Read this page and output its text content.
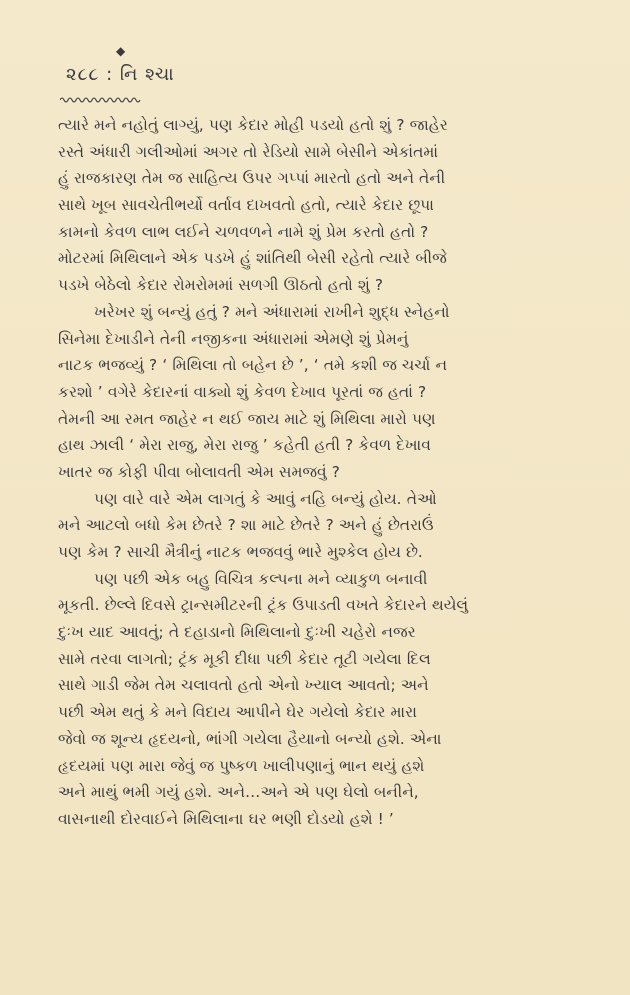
◆
૨૮૮ : નિ શ્ચા
ત્યારે મને નહોતું લાગ્યું, પણ કેદાર મોહી પડયો હતો શું ? જાહેર
રસ્તે અંધારી ગલીઓમાં અગર તો રેડિયો સામે બેસીને એકાંતમાં
હું રાજકારણ તેમ જ સાહિત્ય ઉપર ગપ્પાં મારતો હતો અને તેની
સાથે ખૂબ સાવચેતીભર્યો વર્તાવ દાખવતો હતો, ત્યારે કેદાર છૂપા
કામનો કેવળ લાભ લઈને ચળવળને નામે શું પ્રેમ કરતો હતો ?
મોટરમાં મિથિલાને એક પડખે હું શાંતિથી બેસી રહેતો ત્યારે બીજે
પડખે બેઠેલો કેદાર રોમરોમમાં સળગી ઊઠતો હતો શું ?
ખરેખર શું બન્યું હતું ? મને અંધારામાં રાખીને શુદ્ધ સ્નેહનો
સિનેમા દેખાડીને તેની નજીકના અંધારામાં એમણે શું પ્રેમનું
નાટક ભજવ્યું ? ‘ મિથિલા તો બહેન છે ’, ‘ તમે કશી જ ચર્ચા ન
કરશો ’ વગેરે કેદારનાં વાક્યો શું કેવળ દેખાવ પૂરતાં જ હતાં ?
તેમની આ રમત જાહેર ન થઈ જાય માટે શું મિથિલા મારો પણ
હાથ ઝાલી ‘ મેરા રાજુ, મેરા રાજુ ’ કહેતી હતી ? કેવળ દેખાવ
ખાતર જ કોફી પીવા બોલાવતી એમ સમજવું ?
પણ વારે વારે એમ લાગતું કે આવું નહિ બન્યું હોય. તેઓ
મને આટલો બધો કેમ છેતરે ? શા માટે છેતરે ? અને હું છેતરાઉં
પણ કેમ ? સાચી મૈત્રીનું નાટક ભજવવું ભારે મુશ્કેલ હોય છે.
પણ પછી એક બહુ વિચિત્ર કલ્પના મને વ્યાકુળ બનાવી
મૂકતી. છેલ્લે દિવસે ટ્રાન્સમીટરની ટ્રંક ઉપાડતી વખતે કેદારને થયેલું
દુઃખ યાદ આવતું; તે દહાડાનો મિથિલાનો દુઃખી ચહેરો નજર
સામે તરવા લાગતો; ટ્રંક મૂકી દીધા પછી કેદાર તૂટી ગયેલા દિલ
સાથે ગાડી જેમ તેમ ચલાવતો હતો એનો ખ્યાલ આવતો; અને
પછી એમ થતું કે મને વિદાય આપીને ઘેર ગયેલો કેદાર મારા
જેવો જ શૂન્ય હૃદયનો, ભાંગી ગયેલા હૈયાનો બન્યો હશે. એના
હૃદયમાં પણ મારા જેવું જ પુષ્કળ ખાલીપણાનું ભાન થયું હશે
અને માથું ભમી ગયું હશે. અને…અને એ પણ ઘેલો બનીને,
વાસનાથી દોરવાઈને મિથિલાના ઘર ભણી દોડયો હશે ! ’
